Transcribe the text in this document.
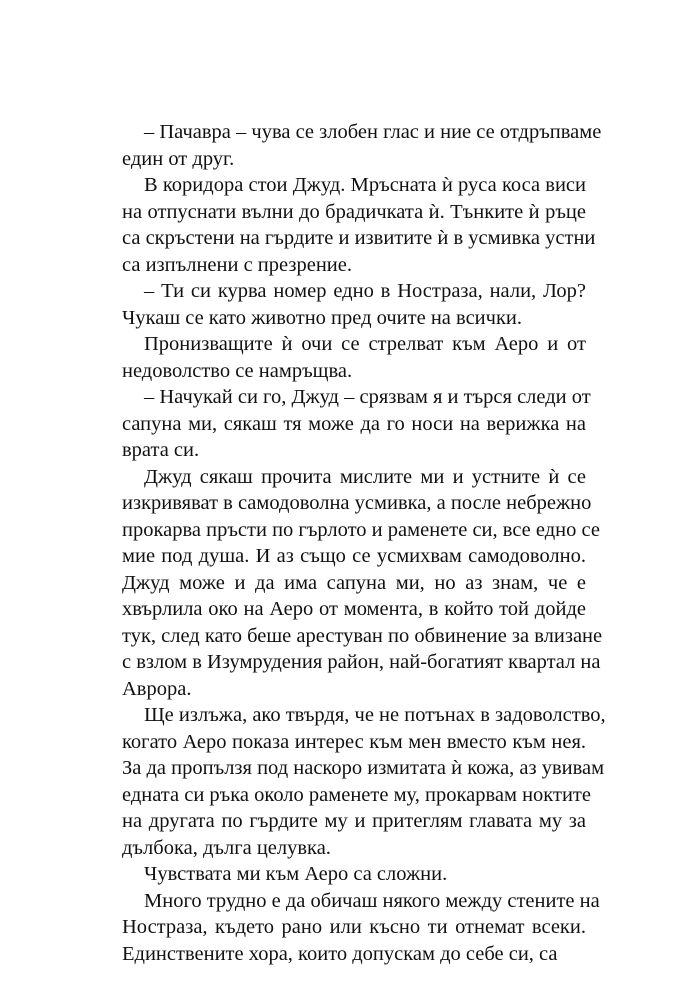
– Пачавра – чува се злобен глас и ние се отдръпваме
един от друг.
В коридора стои Джуд. Мръсната ѝ руса коса виси
на отпуснати вълни до брадичката ѝ. Тънките ѝ ръце
са скръстени на гърдите и извитите ѝ в усмивка устни
са изпълнени с презрение.
– Ти си курва номер едно в Нострaза, нали, Лор?
Чукаш се като животно пред очите на всички.
Пронизващите ѝ очи се стрелват към Аеро и от
недоволство се намръщва.
– Начукай си го, Джуд – срязвам я и търся следи от
сапуна ми, сякаш тя може да го носи на верижка на
врата си.
Джуд сякаш прочита мислите ми и устните ѝ се
изкривяват в самодоволна усмивка, а после небрежно
прокарва пръсти по гърлото и раменете си, все едно се
мие под душа. И аз също се усмихвам самодоволно.
Джуд може и да има сапуна ми, но аз знам, че е
хвърлила око на Аеро от момента, в който той дойде
тук, след като беше арестуван по обвинение за влизане
с взлом в Изумрудения район, най-богатият квартал на
Аврора.
Ще излъжа, ако твърдя, че не потънах в задоволство,
когато Аеро показа интерес към мен вместо към нея.
За да пропълзя под наскоро измитата ѝ кожа, аз увивам
едната си ръка около раменете му, прокарвам ноктите
на другата по гърдите му и притеглям главата му за
дълбока, дълга целувка.
Чувствата ми към Аеро са сложни.
Много трудно е да обичаш някого между стените на
Нострaза, където рано или късно ти отнемат всеки.
Единствените хора, които допускам до себе си, са
